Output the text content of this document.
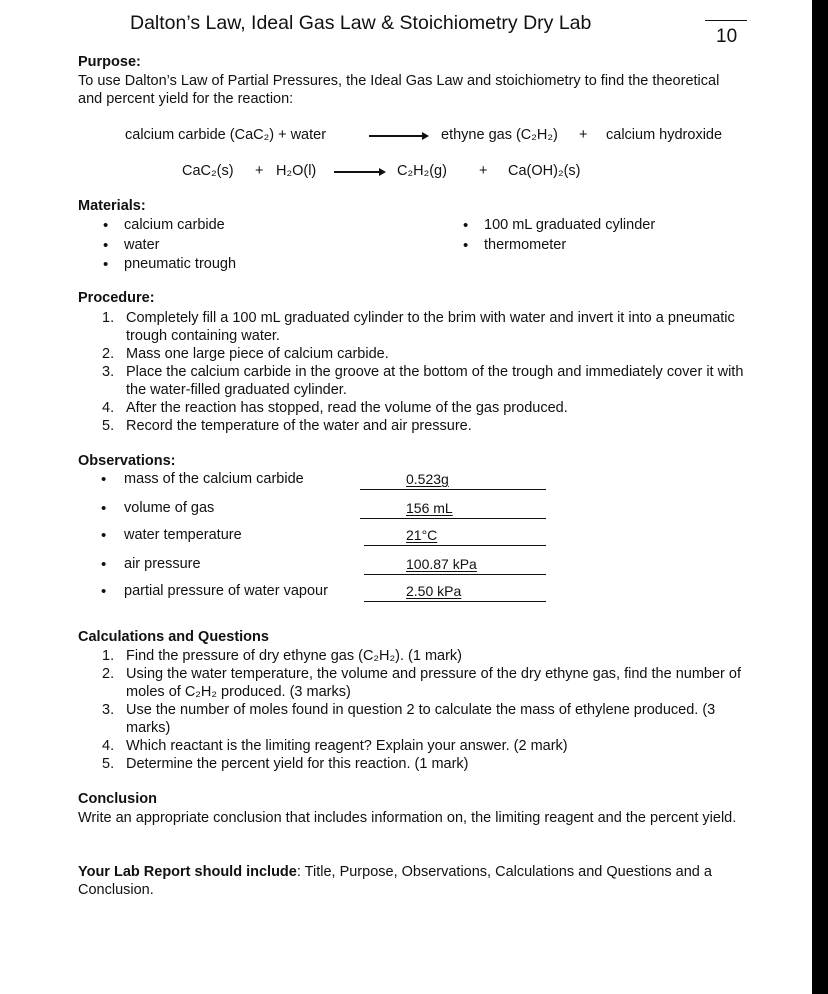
Dalton’s Law, Ideal Gas Law & Stoichiometry Dry Lab
10
Purpose:
To use Dalton’s Law of Partial Pressures, the Ideal Gas Law and stoichiometry to find the theoretical and percent yield for the reaction:
calcium carbide (CaC₂) + water	ethyne gas (C₂H₂) + calcium hydroxide
CaC₂(s) + H₂O(l)	C₂H₂(g) + Ca(OH)₂(s)
Materials:
• calcium carbide
• water
• pneumatic trough
• 100 mL graduated cylinder
• thermometer
Procedure:
1. Completely fill a 100 mL graduated cylinder to the brim with water and invert it into a pneumatic trough containing water.
2. Mass one large piece of calcium carbide.
3. Place the calcium carbide in the groove at the bottom of the trough and immediately cover it with the water-filled graduated cylinder.
4. After the reaction has stopped, read the volume of the gas produced.
5. Record the temperature of the water and air pressure.
Observations:
• mass of the calcium carbide	0.523g
• volume of gas	156 mL
• water temperature	21°C
• air pressure	100.87 kPa
• partial pressure of water vapour	2.50 kPa
Calculations and Questions
1. Find the pressure of dry ethyne gas (C₂H₂). (1 mark)
2. Using the water temperature, the volume and pressure of the dry ethyne gas, find the number of moles of C₂H₂ produced. (3 marks)
3. Use the number of moles found in question 2 to calculate the mass of ethylene produced. (3 marks)
4. Which reactant is the limiting reagent? Explain your answer. (2 mark)
5. Determine the percent yield for this reaction. (1 mark)
Conclusion
Write an appropriate conclusion that includes information on, the limiting reagent and the percent yield.
Your Lab Report should include: Title, Purpose, Observations, Calculations and Questions and a Conclusion.
